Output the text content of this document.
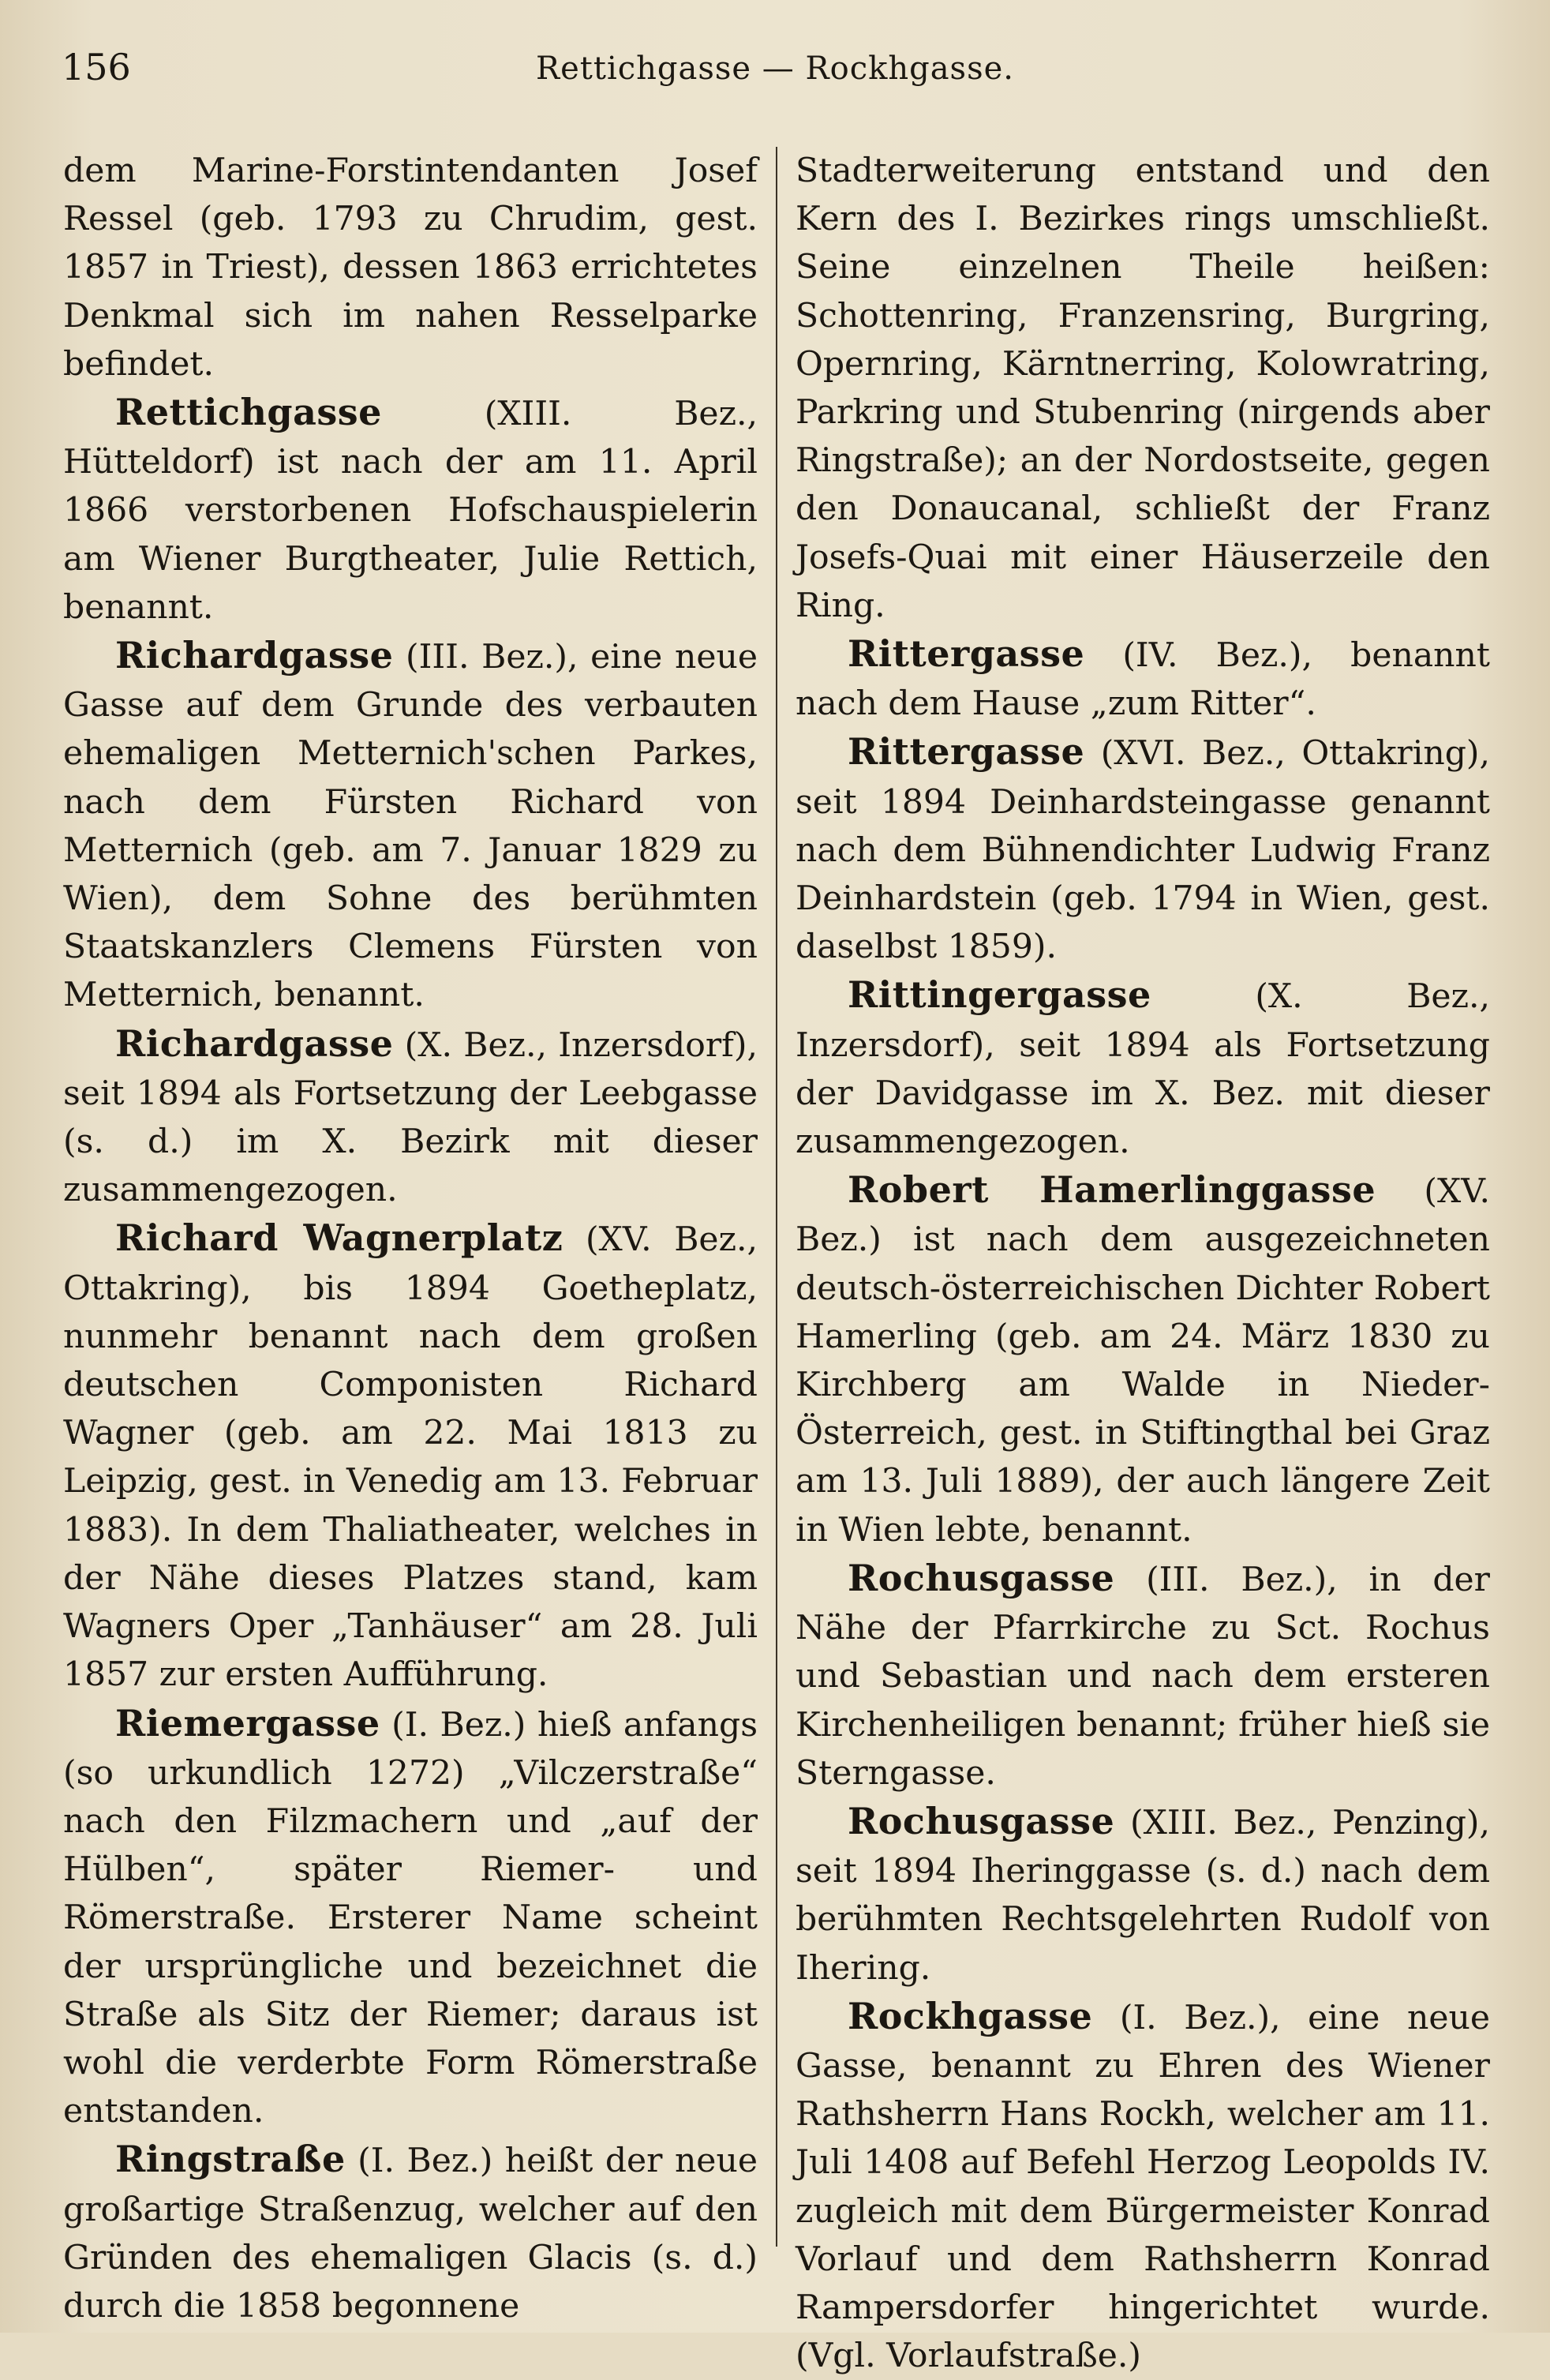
156	Rettichgasse — Rockhgasse.

dem Marine-Forstintendanten Josef Ressel (geb. 1793 zu Chrudim, gest. 1857 in Triest), dessen 1863 errichtetes Denkmal sich im nahen Resselparke befindet.

Rettichgasse (XIII. Bez., Hütteldorf) ist nach der am 11. April 1866 verstorbenen Hofschauspielerin am Wiener Burgtheater, Julie Rettich, benannt.

Richardgasse (III. Bez.), eine neue Gasse auf dem Grunde des verbauten ehemaligen Metternich'schen Parkes, nach dem Fürsten Richard von Metternich (geb. am 7. Januar 1829 zu Wien), dem Sohne des berühmten Staatskanzlers Clemens Fürsten von Metternich, benannt.

Richardgasse (X. Bez., Inzersdorf), seit 1894 als Fortsetzung der Leebgasse (s. d.) im X. Bezirk mit dieser zusammengezogen.

Richard Wagnerplatz (XV. Bez., Ottakring), bis 1894 Goetheplatz, nunmehr benannt nach dem großen deutschen Componisten Richard Wagner (geb. am 22. Mai 1813 zu Leipzig, gest. in Venedig am 13. Februar 1883). In dem Thaliatheater, welches in der Nähe dieses Platzes stand, kam Wagners Oper „Tanhäuser“ am 28. Juli 1857 zur ersten Aufführung.

Riemergasse (I. Bez.) hieß anfangs (so urkundlich 1272) „Vilczerstraße“ nach den Filzmachern und „auf der Hülben“, später Riemer- und Römerstraße. Ersterer Name scheint der ursprüngliche und bezeichnet die Straße als Sitz der Riemer; daraus ist wohl die verderbte Form Römerstraße entstanden.

Ringstraße (I. Bez.) heißt der neue großartige Straßenzug, welcher auf den Gründen des ehemaligen Glacis (s. d.) durch die 1858 begonnene

Stadterweiterung entstand und den Kern des I. Bezirkes rings umschließt. Seine einzelnen Theile heißen: Schottenring, Franzensring, Burgring, Opernring, Kärntnerring, Kolowratring, Parkring und Stubenring (nirgends aber Ringstraße); an der Nordostseite, gegen den Donaucanal, schließt der Franz Josefs-Quai mit einer Häuserzeile den Ring.

Rittergasse (IV. Bez.), benannt nach dem Hause „zum Ritter“.

Rittergasse (XVI. Bez., Ottakring), seit 1894 Deinhardsteingasse genannt nach dem Bühnendichter Ludwig Franz Deinhardstein (geb. 1794 in Wien, gest. daselbst 1859).

Rittingergasse (X. Bez., Inzersdorf), seit 1894 als Fortsetzung der Davidgasse im X. Bez. mit dieser zusammengezogen.

Robert Hamerlinggasse (XV. Bez.) ist nach dem ausgezeichneten deutsch-österreichischen Dichter Robert Hamerling (geb. am 24. März 1830 zu Kirchberg am Walde in Nieder-Österreich, gest. in Stiftingthal bei Graz am 13. Juli 1889), der auch längere Zeit in Wien lebte, benannt.

Rochusgasse (III. Bez.), in der Nähe der Pfarrkirche zu Sct. Rochus und Sebastian und nach dem ersteren Kirchenheiligen benannt; früher hieß sie Sterngasse.

Rochusgasse (XIII. Bez., Penzing), seit 1894 Iheringgasse (s. d.) nach dem berühmten Rechtsgelehrten Rudolf von Ihering.

Rockhgasse (I. Bez.), eine neue Gasse, benannt zu Ehren des Wiener Rathsherrn Hans Rockh, welcher am 11. Juli 1408 auf Befehl Herzog Leopolds IV. zugleich mit dem Bürgermeister Konrad Vorlauf und dem Rathsherrn Konrad Rampersdorfer hingerichtet wurde. (Vgl. Vorlaufstraße.)
